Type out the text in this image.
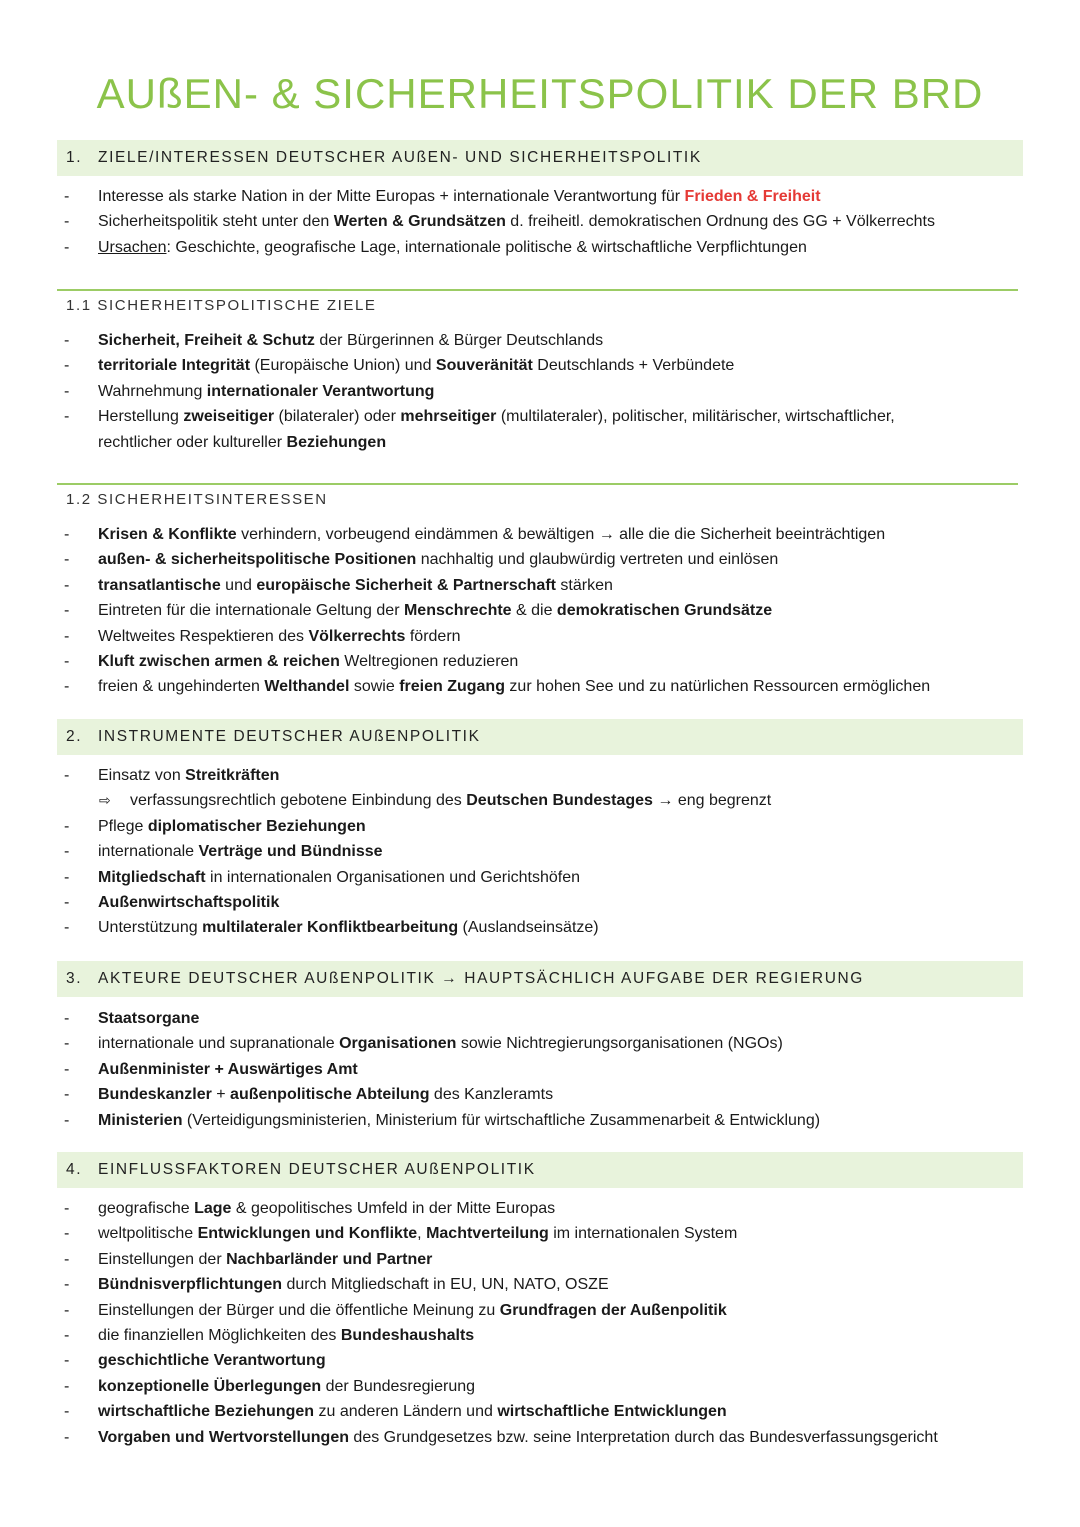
AUßEN- & SICHERHEITSPOLITIK DER BRD
1. ZIELE/INTERESSEN DEUTSCHER AUßEN- UND SICHERHEITSPOLITIK
- Interesse als starke Nation in der Mitte Europas + internationale Verantwortung für Frieden & Freiheit
- Sicherheitspolitik steht unter den Werten & Grundsätzen d. freiheitl. demokratischen Ordnung des GG + Völkerrechts
- Ursachen: Geschichte, geografische Lage, internationale politische & wirtschaftliche Verpflichtungen
1.1 SICHERHEITSPOLITISCHE ZIELE
- Sicherheit, Freiheit & Schutz der Bürgerinnen & Bürger Deutschlands
- territoriale Integrität (Europäische Union) und Souveränität Deutschlands + Verbündete
- Wahrnehmung internationaler Verantwortung
- Herstellung zweiseitiger (bilateraler) oder mehrseitiger (multilateraler), politischer, militärischer, wirtschaftlicher,
rechtlicher oder kultureller Beziehungen
1.2 SICHERHEITSINTERESSEN
- Krisen & Konflikte verhindern, vorbeugend eindämmen & bewältigen → alle die die Sicherheit beeinträchtigen
- außen- & sicherheitspolitische Positionen nachhaltig und glaubwürdig vertreten und einlösen
- transatlantische und europäische Sicherheit & Partnerschaft stärken
- Eintreten für die internationale Geltung der Menschrechte & die demokratischen Grundsätze
- Weltweites Respektieren des Völkerrechts fördern
- Kluft zwischen armen & reichen Weltregionen reduzieren
- freien & ungehinderten Welthandel sowie freien Zugang zur hohen See und zu natürlichen Ressourcen ermöglichen
2. INSTRUMENTE DEUTSCHER AUßENPOLITIK
- Einsatz von Streitkräften
⇨ verfassungsrechtlich gebotene Einbindung des Deutschen Bundestages → eng begrenzt
- Pflege diplomatischer Beziehungen
- internationale Verträge und Bündnisse
- Mitgliedschaft in internationalen Organisationen und Gerichtshöfen
- Außenwirtschaftspolitik
- Unterstützung multilateraler Konfliktbearbeitung (Auslandseinsätze)
3. AKTEURE DEUTSCHER AUßENPOLITIK → HAUPTSÄCHLICH AUFGABE DER REGIERUNG
- Staatsorgane
- internationale und supranationale Organisationen sowie Nichtregierungsorganisationen (NGOs)
- Außenminister + Auswärtiges Amt
- Bundeskanzler + außenpolitische Abteilung des Kanzleramts
- Ministerien (Verteidigungsministerien, Ministerium für wirtschaftliche Zusammenarbeit & Entwicklung)
4. EINFLUSSFAKTOREN DEUTSCHER AUßENPOLITIK
- geografische Lage & geopolitisches Umfeld in der Mitte Europas
- weltpolitische Entwicklungen und Konflikte, Machtverteilung im internationalen System
- Einstellungen der Nachbarländer und Partner
- Bündnisverpflichtungen durch Mitgliedschaft in EU, UN, NATO, OSZE
- Einstellungen der Bürger und die öffentliche Meinung zu Grundfragen der Außenpolitik
- die finanziellen Möglichkeiten des Bundeshaushalts
- geschichtliche Verantwortung
- konzeptionelle Überlegungen der Bundesregierung
- wirtschaftliche Beziehungen zu anderen Ländern und wirtschaftliche Entwicklungen
- Vorgaben und Wertvorstellungen des Grundgesetzes bzw. seine Interpretation durch das Bundesverfassungsgericht
